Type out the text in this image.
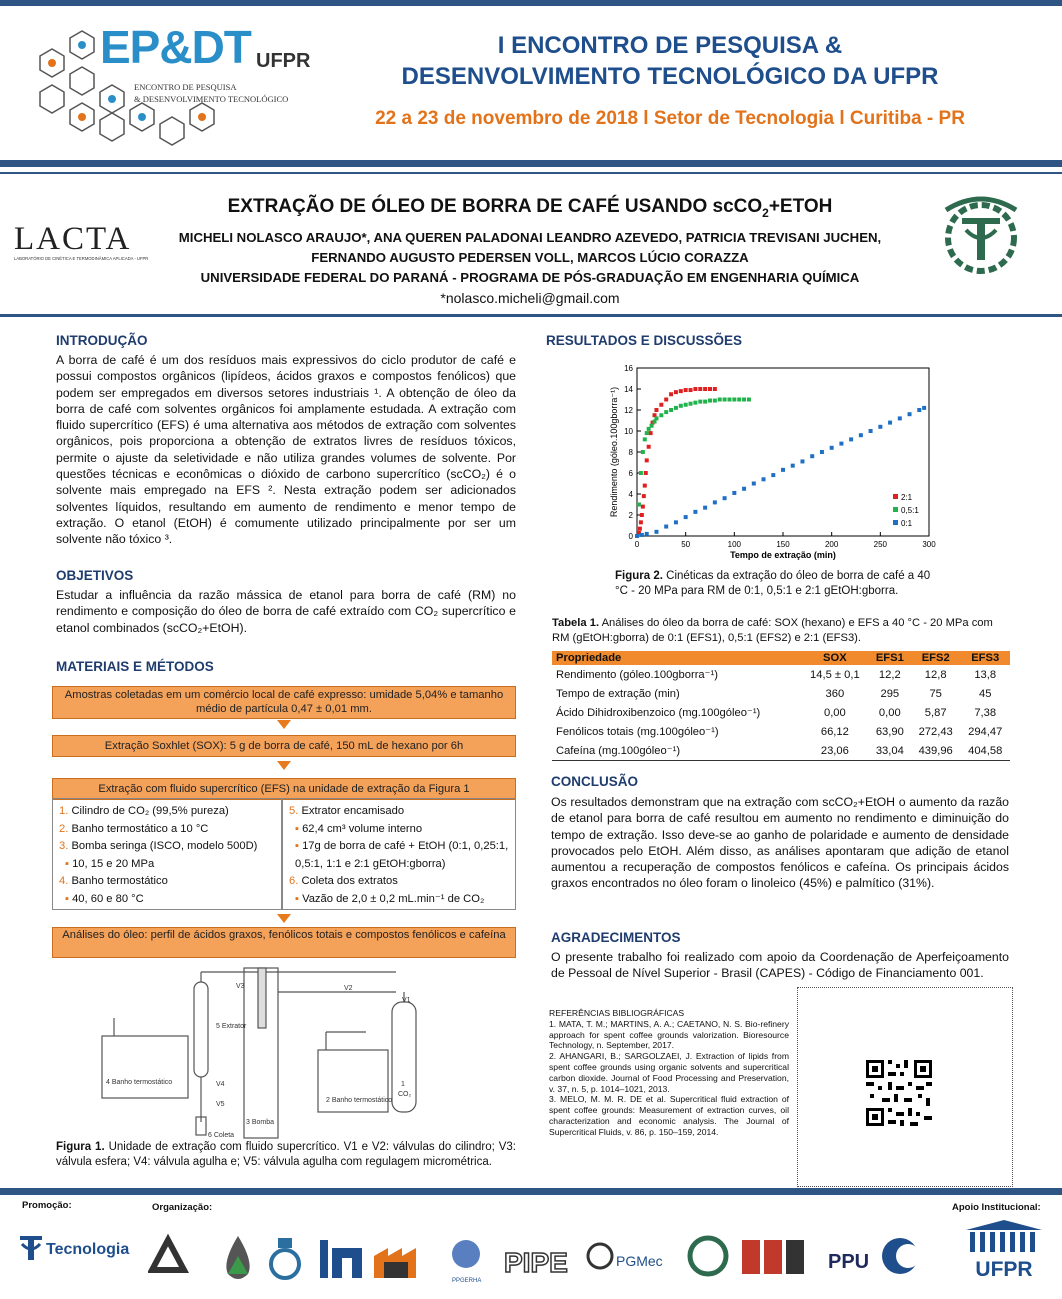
EP&DT UFPR
ENCONTRO DE PESQUISA
& DESENVOLVIMENTO TECNOLÓGICO
I ENCONTRO DE PESQUISA &
DESENVOLVIMENTO TECNOLÓGICO DA UFPR
22 a 23 de novembro de 2018 l Setor de Tecnologia l Curitiba - PR
LACTA
LABORATÓRIO DE CINÉTICA E TERMODINÂMICA APLICADA - UFPR
EXTRAÇÃO DE ÓLEO DE BORRA DE CAFÉ USANDO scCO$_2$+ETOH
MICHELI NOLASCO ARAUJO*, ANA QUEREN PALADONAI LEANDRO AZEVEDO, PATRICIA TREVISANI JUCHEN,
FERNANDO AUGUSTO PEDERSEN VOLL, MARCOS LÚCIO CORAZZA
UNIVERSIDADE FEDERAL DO PARANÁ - PROGRAMA DE PÓS-GRADUAÇÃO EM ENGENHARIA QUÍMICA
*nolasco.micheli@gmail.com
INTRODUÇÃO
A borra de café é um dos resíduos mais expressivos do ciclo produtor de café e possui compostos orgânicos (lipídeos, ácidos graxos e compostos fenólicos) que podem ser empregados em diversos setores industriais ¹. A obtenção de óleo da borra de café com solventes orgânicos foi amplamente estudada. A extração com fluido supercrítico (EFS) é uma alternativa aos métodos de extração com solventes orgânicos, pois proporciona a obtenção de extratos livres de resíduos tóxicos, permite o ajuste da seletividade e não utiliza grandes volumes de solvente. Por questões técnicas e econômicas o dióxido de carbono supercrítico (scCO₂) é o solvente mais empregado na EFS ². Nesta extração podem ser adicionados solventes líquidos, resultando em aumento de rendimento e menor tempo de extração. O etanol (EtOH) é comumente utilizado principalmente por ser um solvente não tóxico ³.
OBJETIVOS
Estudar a influência da razão mássica de etanol para borra de café (RM) no rendimento e composição do óleo de borra de café extraído com CO₂ supercrítico e etanol combinados (scCO₂+EtOH).
MATERIAIS E MÉTODOS
Amostras coletadas em um comércio local de café expresso: umidade 5,04% e tamanho médio de partícula 0,47 ± 0,01 mm.
Extração Soxhlet (SOX): 5 g de borra de café, 150 mL de hexano por 6h
Extração com fluido supercrítico (EFS) na unidade de extração da Figura 1
1. Cilindro de CO₂ (99,5% pureza)
2. Banho termostático a 10 °C
3. Bomba seringa (ISCO, modelo 500D)
▪ 10, 15 e 20 MPa
4. Banho termostático
▪ 40, 60 e 80 °C
5. Extrator encamisado
▪ 62,4 cm³ volume interno
▪ 17g de borra de café + EtOH (0:1, 0,25:1, 0,5:1, 1:1 e 2:1 gEtOH:gborra)
6. Coleta dos extratos
▪ Vazão de 2,0 ± 0,2 mL.min⁻¹ de CO₂
Análises do óleo: perfil de ácidos graxos, fenólicos totais e compostos fenólicos e cafeína
V3	V2
V1
5 Extrator
V4
V5
4 Banho termostático
2 Banho termostático
3 Bomba
6 Coleta
1
CO₂
Figura 1. Unidade de extração com fluido supercrítico. V1 e V2: válvulas do cilindro; V3: válvula esfera; V4: válvula agulha e; V5: válvula agulha com regulagem micrométrica.
RESULTADOS E DISCUSSÕES
0	50	100	150	200	250	300
0
2
4
6
8
10
12
14
16
Tempo de extração (min)
Rendimento (góleo.100gborra⁻¹)	2:1
0,5:1
0:1
Figura 2. Cinéticas da extração do óleo de borra de café a 40 °C - 20 MPa para RM de 0:1, 0,5:1 e 2:1 gEtOH:gborra.
Tabela 1. Análises do óleo da borra de café: SOX (hexano) e EFS a 40 °C - 20 MPa com RM (gEtOH:gborra) de 0:1 (EFS1), 0,5:1 (EFS2) e 2:1 (EFS3).
Propriedade	SOX	EFS1	EFS2	EFS3
Rendimento (góleo.100gborra⁻¹)	14,5 ± 0,1	12,2	12,8	13,8
Tempo de extração (min)	360	295	75	45
Ácido Dihidroxibenzoico (mg.100góleo⁻¹)	0,00	0,00	5,87	7,38
Fenólicos totais (mg.100góleo⁻¹)	66,12	63,90	272,43	294,47
Cafeína (mg.100góleo⁻¹)	23,06	33,04	439,96	404,58
CONCLUSÃO
Os resultados demonstram que na extração com scCO₂+EtOH o aumento da razão de etanol para borra de café resultou em aumento no rendimento e diminuição do tempo de extração. Isso deve-se ao ganho de polaridade e aumento de densidade provocados pelo EtOH. Além disso, as análises apontaram que adição de etanol aumentou a recuperação de compostos fenólicos e cafeína. Os principais ácidos graxos encontrados no óleo foram o linoleico (45%) e palmítico (31%).
AGRADECIMENTOS
O presente trabalho foi realizado com apoio da Coordenação de Aperfeiçoamento de Pessoal de Nível Superior - Brasil (CAPES) - Código de Financiamento 001.
REFERÊNCIAS BIBLIOGRÁFICAS
1. MATA, T. M.; MARTINS, A. A.; CAETANO, N. S. Bio-refinery approach for spent coffee grounds valorization. Bioresource Technology, n. September, 2017.
2. AHANGARI, B.; SARGOLZAEI, J. Extraction of lipids from spent coffee grounds using organic solvents and supercritical carbon dioxide. Journal of Food Processing and Preservation, v. 37, n. 5, p. 1014–1021, 2013.
3. MELO, M. M. R. DE et al. Supercritical fluid extraction of spent coffee grounds: Measurement of extraction curves, oil characterization and economic analysis. The Journal of Supercritical Fluids, v. 86, p. 150–159, 2014.
Promoção:	Organização:	Apoio Institucional:
Tecnologia
PPGERHA
PIPE	PGMec	PPU	UFPR
